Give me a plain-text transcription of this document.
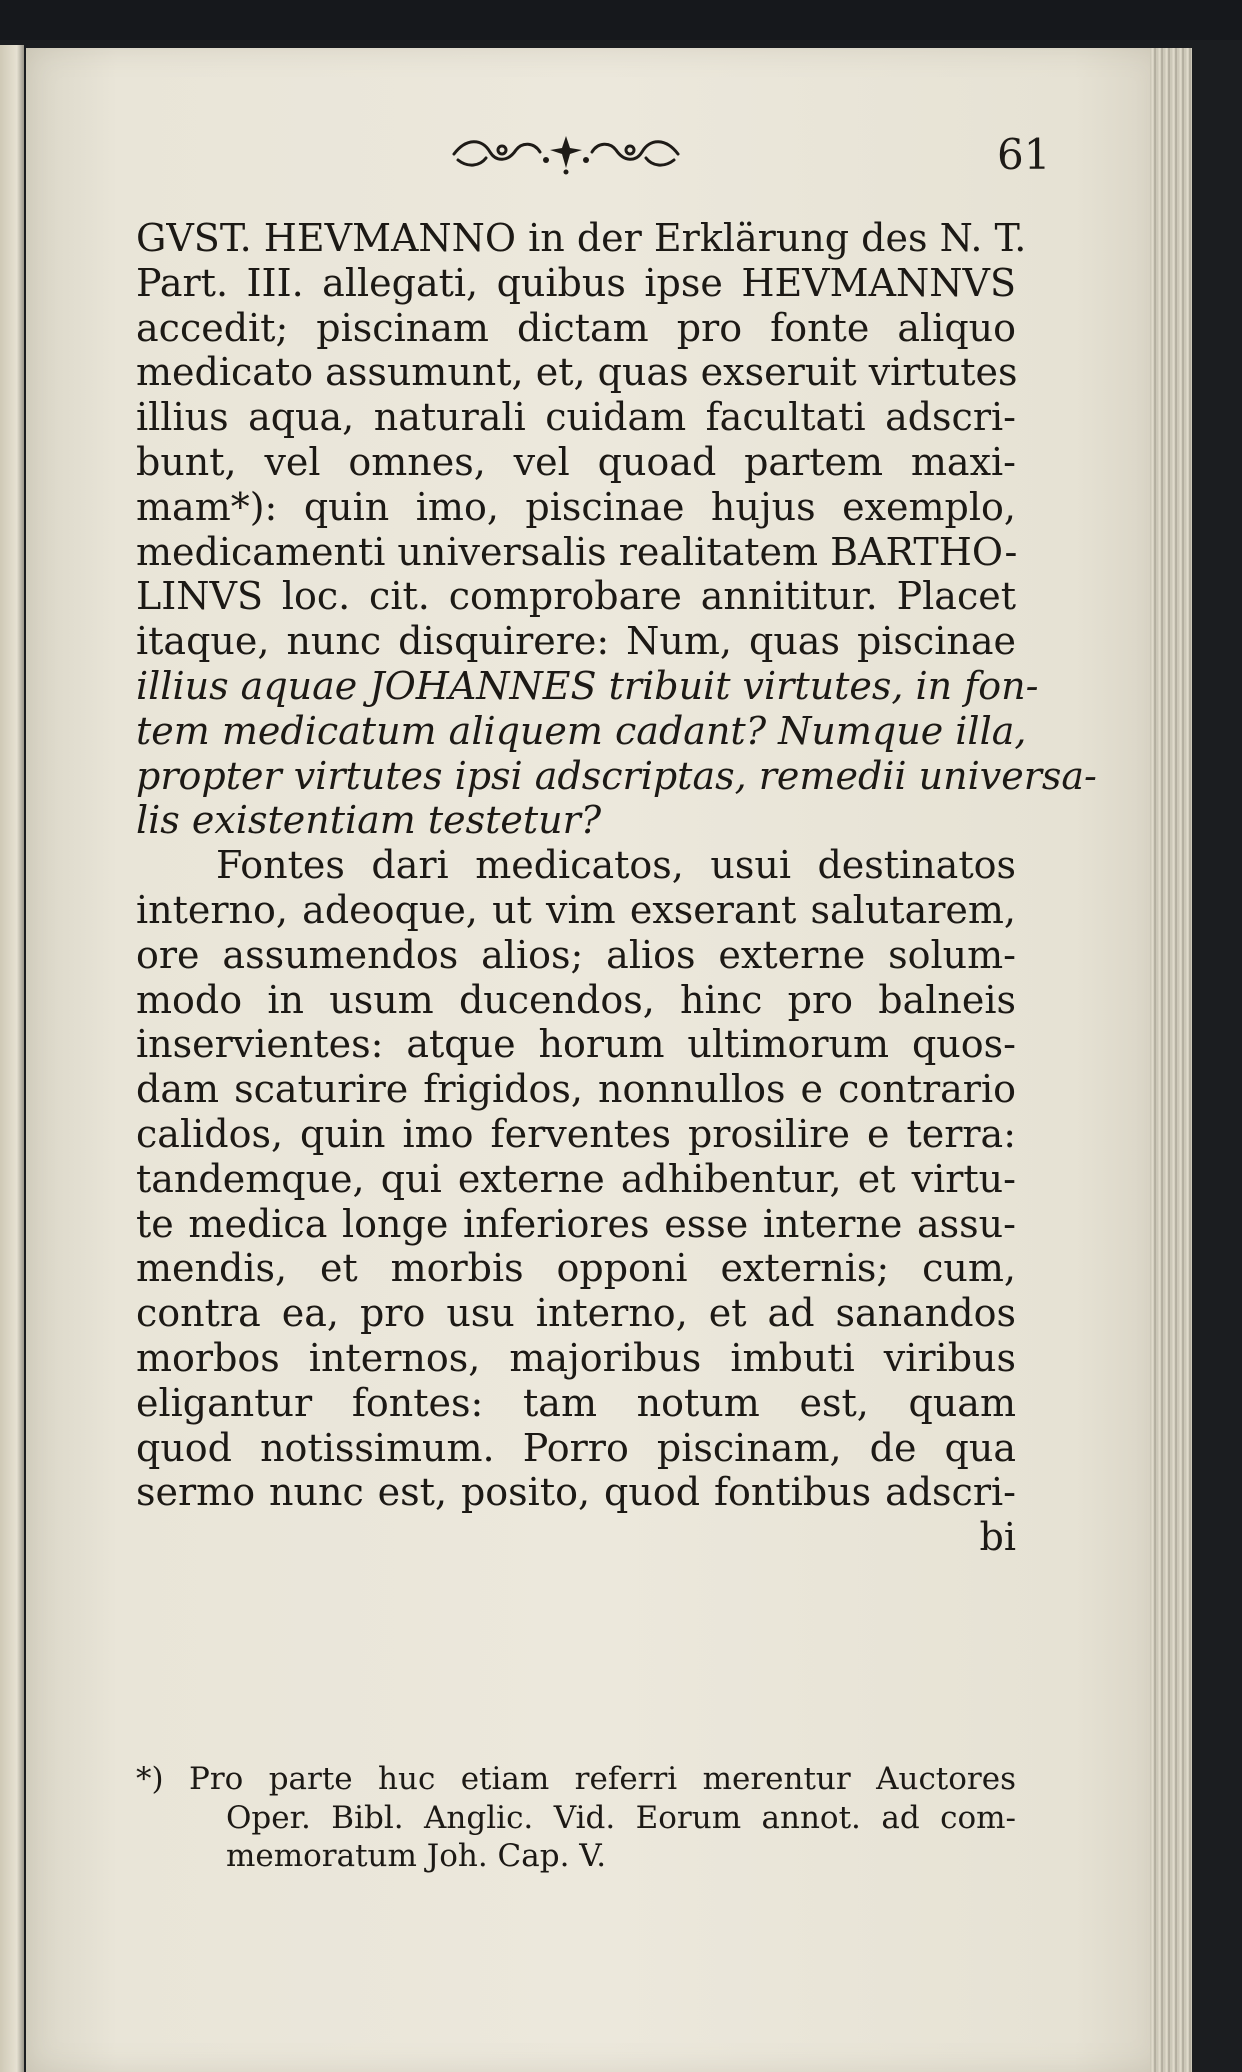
61
GVST. HEVMANNO in der Erklärung des N. T.
Part. III. allegati, quibus ipse HEVMANNVS
accedit; piscinam dictam pro fonte aliquo
medicato assumunt, et, quas exseruit virtutes
illius aqua, naturali cuidam facultati adscri-
bunt, vel omnes, vel quoad partem maxi-
mam*): quin imo, piscinae hujus exemplo,
medicamenti universalis realitatem BARTHO-
LINVS loc. cit. comprobare annititur. Placet
itaque, nunc disquirere: Num, quas piscinae
illius aquae JOHANNES tribuit virtutes, in fon-
tem medicatum aliquem cadant? Numque illa,
propter virtutes ipsi adscriptas, remedii universa-
lis existentiam testetur?
Fontes dari medicatos, usui destinatos
interno, adeoque, ut vim exserant salutarem,
ore assumendos alios; alios externe solum-
modo in usum ducendos, hinc pro balneis
inservientes: atque horum ultimorum quos-
dam scaturire frigidos, nonnullos e contrario
calidos, quin imo ferventes prosilire e terra:
tandemque, qui externe adhibentur, et virtu-
te medica longe inferiores esse interne assu-
mendis, et morbis opponi externis; cum,
contra ea, pro usu interno, et ad sanandos
morbos internos, majoribus imbuti viribus
eligantur fontes: tam notum est, quam
quod notissimum. Porro piscinam, de qua
sermo nunc est, posito, quod fontibus adscri-
bi
*) Pro parte huc etiam referri merentur Auctores
Oper. Bibl. Anglic. Vid. Eorum annot. ad com-
memoratum Joh. Cap. V.
